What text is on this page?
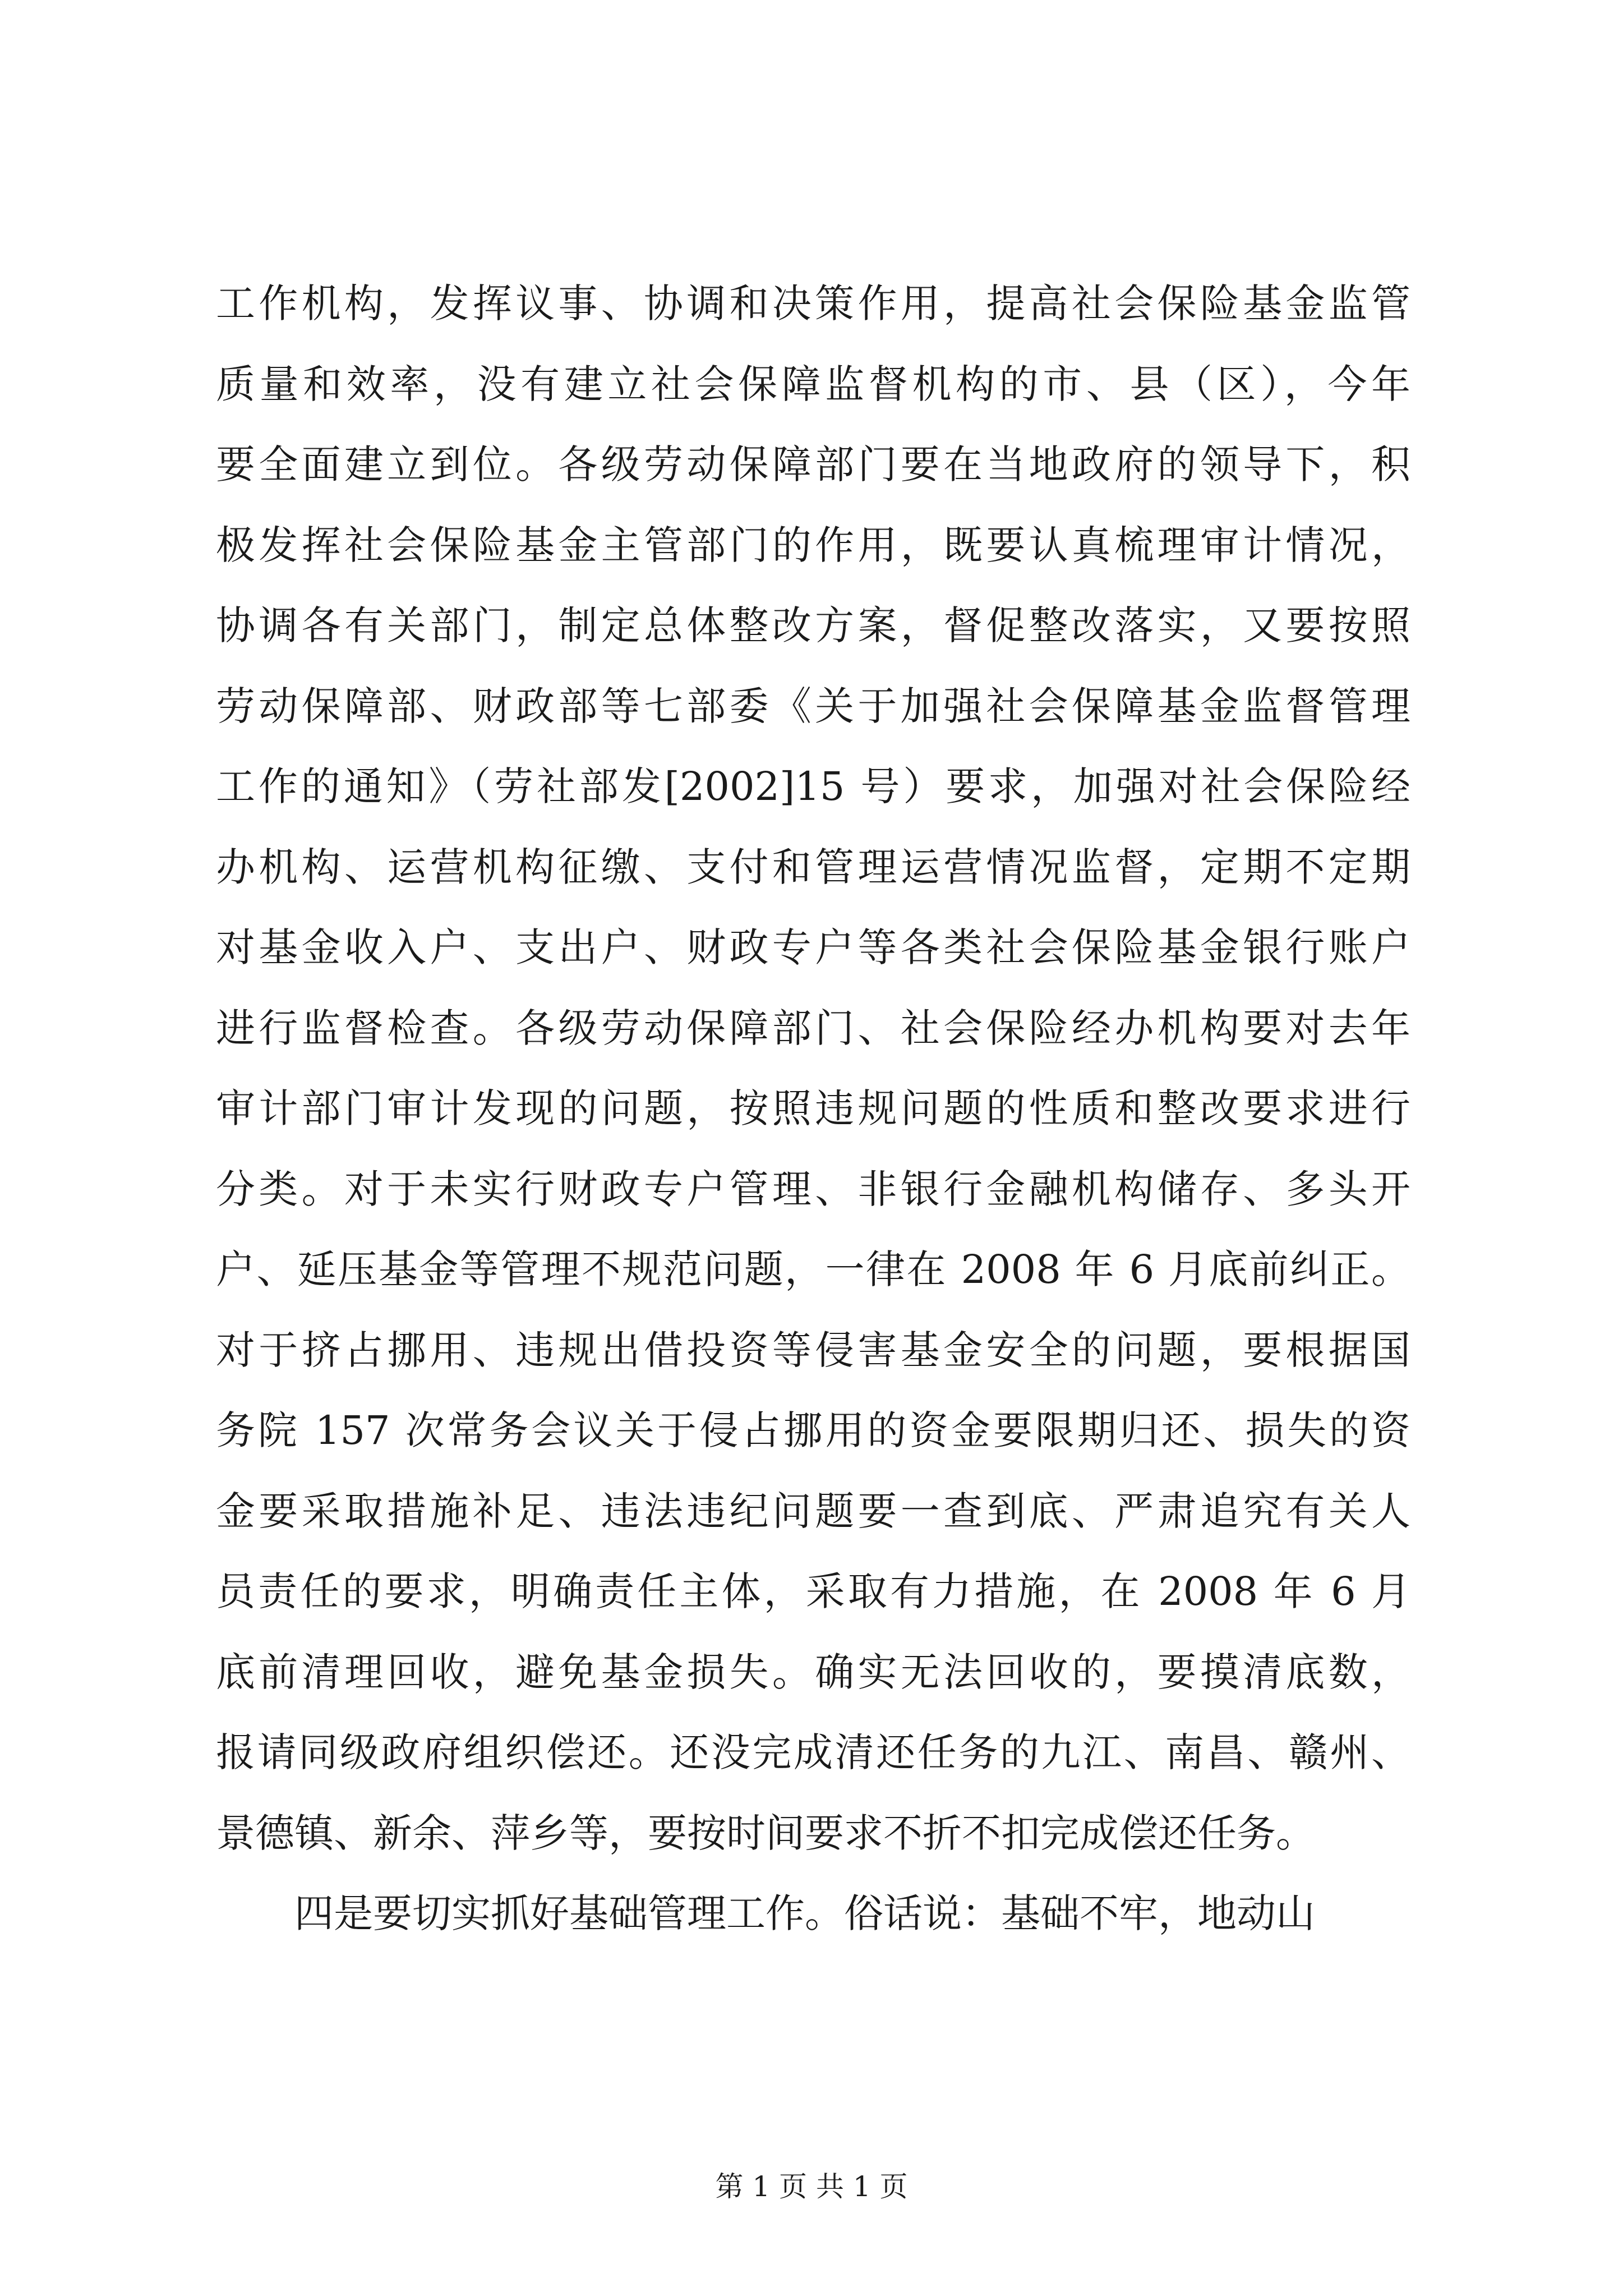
工作机构，发挥议事、协调和决策作用，提高社会保险基金监管
质量和效率，没有建立社会保障监督机构的市、县（区），今年
要全面建立到位。各级劳动保障部门要在当地政府的领导下，积
极发挥社会保险基金主管部门的作用，既要认真梳理审计情况，
协调各有关部门，制定总体整改方案，督促整改落实，又要按照
劳动保障部、财政部等七部委《关于加强社会保障基金监督管理
工作的通知》（劳社部发[2002]15 号）要求，加强对社会保险经
办机构、运营机构征缴、支付和管理运营情况监督，定期不定期
对基金收入户、支出户、财政专户等各类社会保险基金银行账户
进行监督检查。各级劳动保障部门、社会保险经办机构要对去年
审计部门审计发现的问题，按照违规问题的性质和整改要求进行
分类。对于未实行财政专户管理、非银行金融机构储存、多头开
户、延压基金等管理不规范问题，一律在 2008 年 6 月底前纠正。
对于挤占挪用、违规出借投资等侵害基金安全的问题，要根据国
务院 157 次常务会议关于侵占挪用的资金要限期归还、损失的资
金要采取措施补足、违法违纪问题要一查到底、严肃追究有关人
员责任的要求，明确责任主体，采取有力措施，在 2008 年 6 月
底前清理回收，避免基金损失。确实无法回收的，要摸清底数，
报请同级政府组织偿还。还没完成清还任务的九江、南昌、赣州、
景德镇、新余、萍乡等，要按时间要求不折不扣完成偿还任务。
四是要切实抓好基础管理工作。俗话说：基础不牢，地动山
第 1 页 共 1 页
